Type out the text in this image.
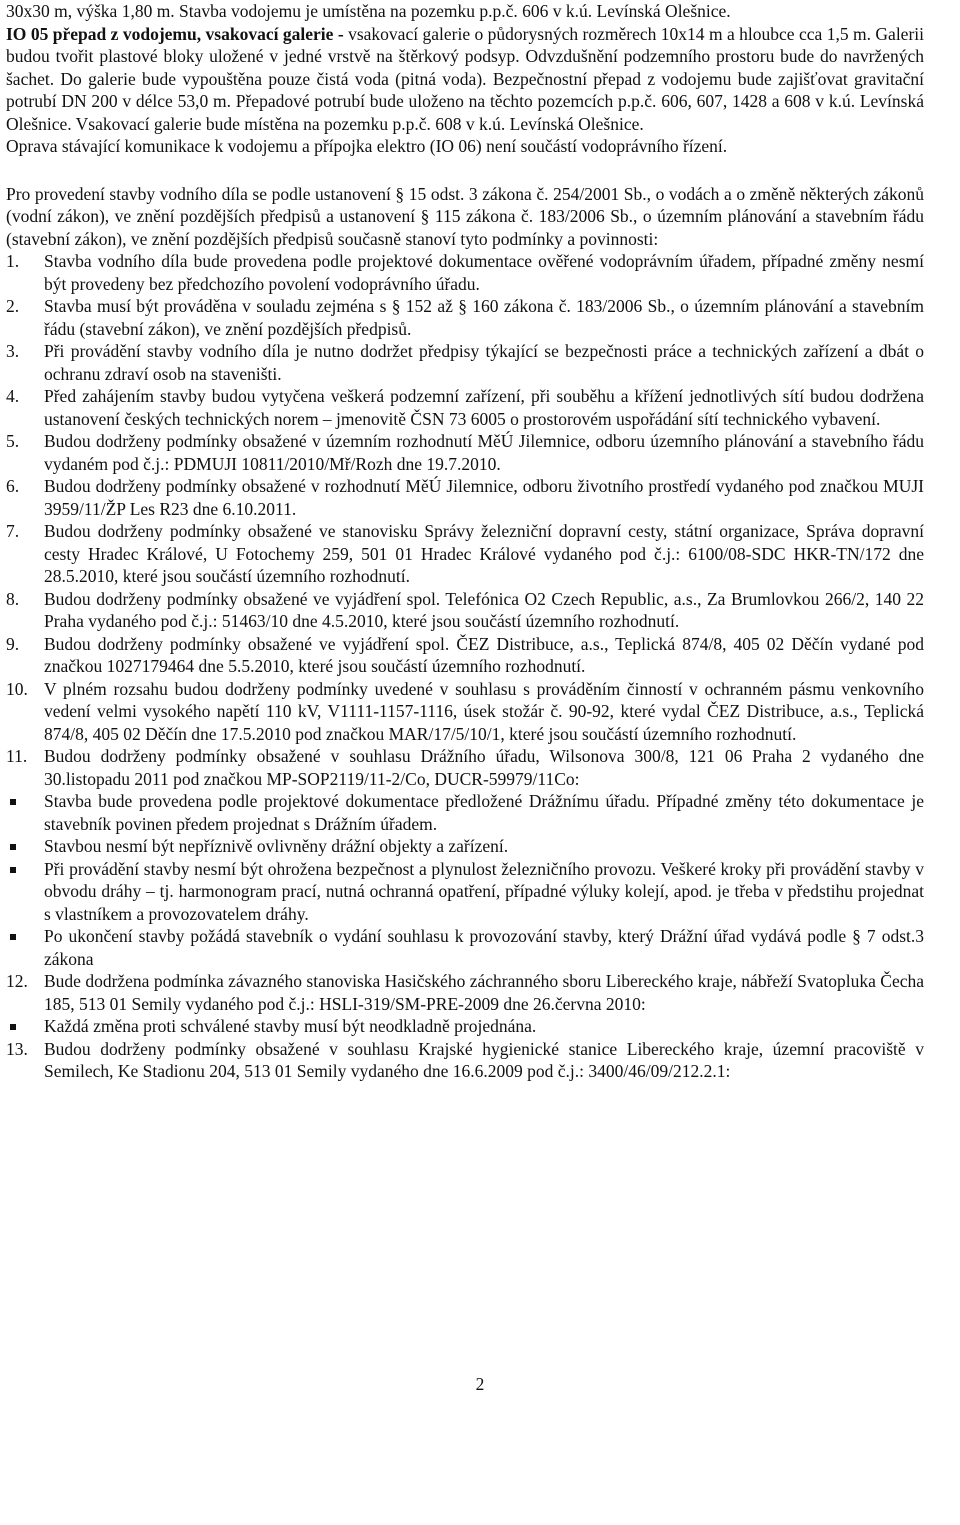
30x30 m, výška 1,80 m. Stavba vodojemu je umístěna na pozemku p.p.č. 606 v k.ú. Levínská Olešnice.

IO 05 přepad z vodojemu, vsakovací galerie - vsakovací galerie o půdorysných rozměrech 10x14 m a hloubce cca 1,5 m. Galerii budou tvořit plastové bloky uložené v jedné vrstvě na štěrkový podsyp. Odvzdušnění podzemního prostoru bude do navržených šachet. Do galerie bude vypouštěna pouze čistá voda (pitná voda). Bezpečnostní přepad z vodojemu bude zajišťovat gravitační potrubí DN 200 v délce 53,0 m. Přepadové potrubí bude uloženo na těchto pozemcích p.p.č. 606, 607, 1428 a 608 v k.ú. Levínská Olešnice. Vsakovací galerie bude místěna na pozemku p.p.č. 608 v k.ú. Levínská Olešnice.

Oprava stávající komunikace k vodojemu a přípojka elektro (IO 06) není součástí vodoprávního řízení.

Pro provedení stavby vodního díla se podle ustanovení § 15 odst. 3 zákona č. 254/2001 Sb., o vodách a o změně některých zákonů (vodní zákon), ve znění pozdějších předpisů a ustanovení § 115 zákona č. 183/2006 Sb., o územním plánování a stavebním řádu (stavební zákon), ve znění pozdějších předpisů současně stanoví tyto podmínky a povinnosti:

1.	Stavba vodního díla bude provedena podle projektové dokumentace ověřené vodoprávním úřadem, případné změny nesmí být provedeny bez předchozího povolení vodoprávního úřadu.
2.	Stavba musí být prováděna v souladu zejména s § 152 až § 160 zákona č. 183/2006 Sb., o územním plánování a stavebním řádu (stavební zákon), ve znění pozdějších předpisů.
3.	Při provádění stavby vodního díla je nutno dodržet předpisy týkající se bezpečnosti práce a technických zařízení a dbát o ochranu zdraví osob na staveništi.
4.	Před zahájením stavby budou vytyčena veškerá podzemní zařízení, při souběhu a křížení jednotlivých sítí budou dodržena ustanovení českých technických norem – jmenovitě ČSN 73 6005 o prostorovém uspořádání sítí technického vybavení.
5.	Budou dodrženy podmínky obsažené v územním rozhodnutí MěÚ Jilemnice, odboru územního plánování a stavebního řádu vydaném pod č.j.: PDMUJI 10811/2010/Mř/Rozh dne 19.7.2010.
6.	Budou dodrženy podmínky obsažené v rozhodnutí MěÚ Jilemnice, odboru životního prostředí vydaného pod značkou MUJI 3959/11/ŽP Les R23 dne 6.10.2011.
7.	Budou dodrženy podmínky obsažené ve stanovisku Správy železniční dopravní cesty, státní organizace, Správa dopravní cesty Hradec Králové, U Fotochemy 259, 501 01 Hradec Králové vydaného pod č.j.: 6100/08-SDC HKR-TN/172 dne 28.5.2010, které jsou součástí územního rozhodnutí.
8.	Budou dodrženy podmínky obsažené ve vyjádření spol. Telefónica O2 Czech Republic, a.s., Za Brumlovkou 266/2, 140 22 Praha vydaného pod č.j.: 51463/10 dne 4.5.2010, které jsou součástí územního rozhodnutí.
9.	Budou dodrženy podmínky obsažené ve vyjádření spol. ČEZ Distribuce, a.s., Teplická 874/8, 405 02 Děčín vydané pod značkou 1027179464 dne 5.5.2010, které jsou součástí územního rozhodnutí.
10. V plném rozsahu budou dodrženy podmínky uvedené v souhlasu s prováděním činností v ochranném pásmu venkovního vedení velmi vysokého napětí 110 kV, V1111-1157-1116, úsek stožár č. 90-92, které vydal ČEZ Distribuce, a.s., Teplická 874/8, 405 02 Děčín dne 17.5.2010 pod značkou MAR/17/5/10/1, které jsou součástí územního rozhodnutí.
11. Budou dodrženy podmínky obsažené v souhlasu Drážního úřadu, Wilsonova 300/8, 121 06 Praha 2 vydaného dne 30.listopadu 2011 pod značkou MP-SOP2119/11-2/Co, DUCR-59979/11Co:
Stavba bude provedena podle projektové dokumentace předložené Drážnímu úřadu. Případné změny této dokumentace je stavebník povinen předem projednat s Drážním úřadem.
Stavbou nesmí být nepříznivě ovlivněny drážní objekty a zařízení.
Při provádění stavby nesmí být ohrožena bezpečnost a plynulost železničního provozu. Veškeré kroky při provádění stavby v obvodu dráhy – tj. harmonogram prací, nutná ochranná opatření, případné výluky kolejí, apod. je třeba v předstihu projednat s vlastníkem a provozovatelem dráhy.
Po ukončení stavby požádá stavebník o vydání souhlasu k provozování stavby, který Drážní úřad vydává podle § 7 odst.3 zákona
12. Bude dodržena podmínka závazného stanoviska Hasičského záchranného sboru Libereckého kraje, nábřeží Svatopluka Čecha 185, 513 01 Semily vydaného pod č.j.: HSLI-319/SM-PRE-2009 dne 26.června 2010:
Každá změna proti schválené stavby musí být neodkladně projednána.
13. Budou dodrženy podmínky obsažené v souhlasu Krajské hygienické stanice Libereckého kraje, územní pracoviště v Semilech, Ke Stadionu 204, 513 01 Semily vydaného dne 16.6.2009 pod č.j.: 3400/46/09/212.2.1:
2
